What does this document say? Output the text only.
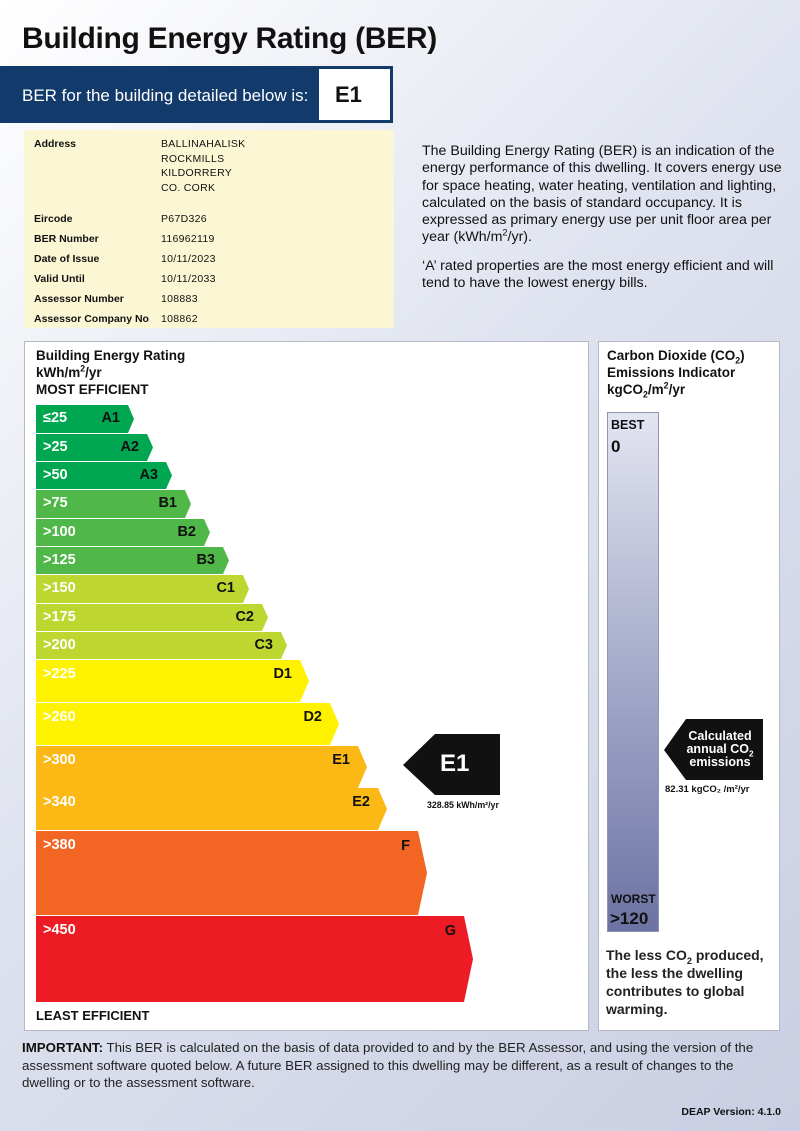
Building Energy Rating (BER)
BER for the building detailed below is:	E1
Address	BALLINAHALISK
ROCKMILLS
KILDORRERY
CO. CORK
Eircode	P67D326
BER Number	116962119
Date of Issue	10/11/2023
Valid Until	10/11/2033
Assessor Number	108883
Assessor Company No 108862

The Building Energy Rating (BER) is an indication of the energy performance of this dwelling. It covers energy use for space heating, water heating, ventilation and lighting, calculated on the basis of standard occupancy. It is expressed as primary energy use per unit floor area per year $(kWh/m^2/yr)$.

‘A’ rated properties are the most energy efficient and will tend to have the lowest energy bills.

Building Energy Rating
kWh/$m^2/yr$
MOST EFFICIENT
≤25 A1
>25	A2
>50	A3
>75	B1
>100	B2
>125	B3
>150	C1
>175	C2
>200	C3
>225	D1
>260	D2
>300	E1
>340	E2
>380	F
>450	G
LEAST EFFICIENT
E1
328.85 kWh/m²/yr
Carbon Dioxide $(CO_2)$
Emissions Indicator
$kgCO_2/m^2/yr$
BEST
0
WORST
>120
Calculated annual $CO_2$
emissions
82.31 kgCO₂ /m²/yr
The less $CO_2$ produced, the less the dwelling contributes to global warming.
IMPORTANT: This BER is calculated on the basis of data provided to and by the BER Assessor, and using the version of the assessment software quoted below. A future BER assigned to this dwelling may be different, as a result of changes to the dwelling or to the assessment software.
DEAP Version: 4.1.0
